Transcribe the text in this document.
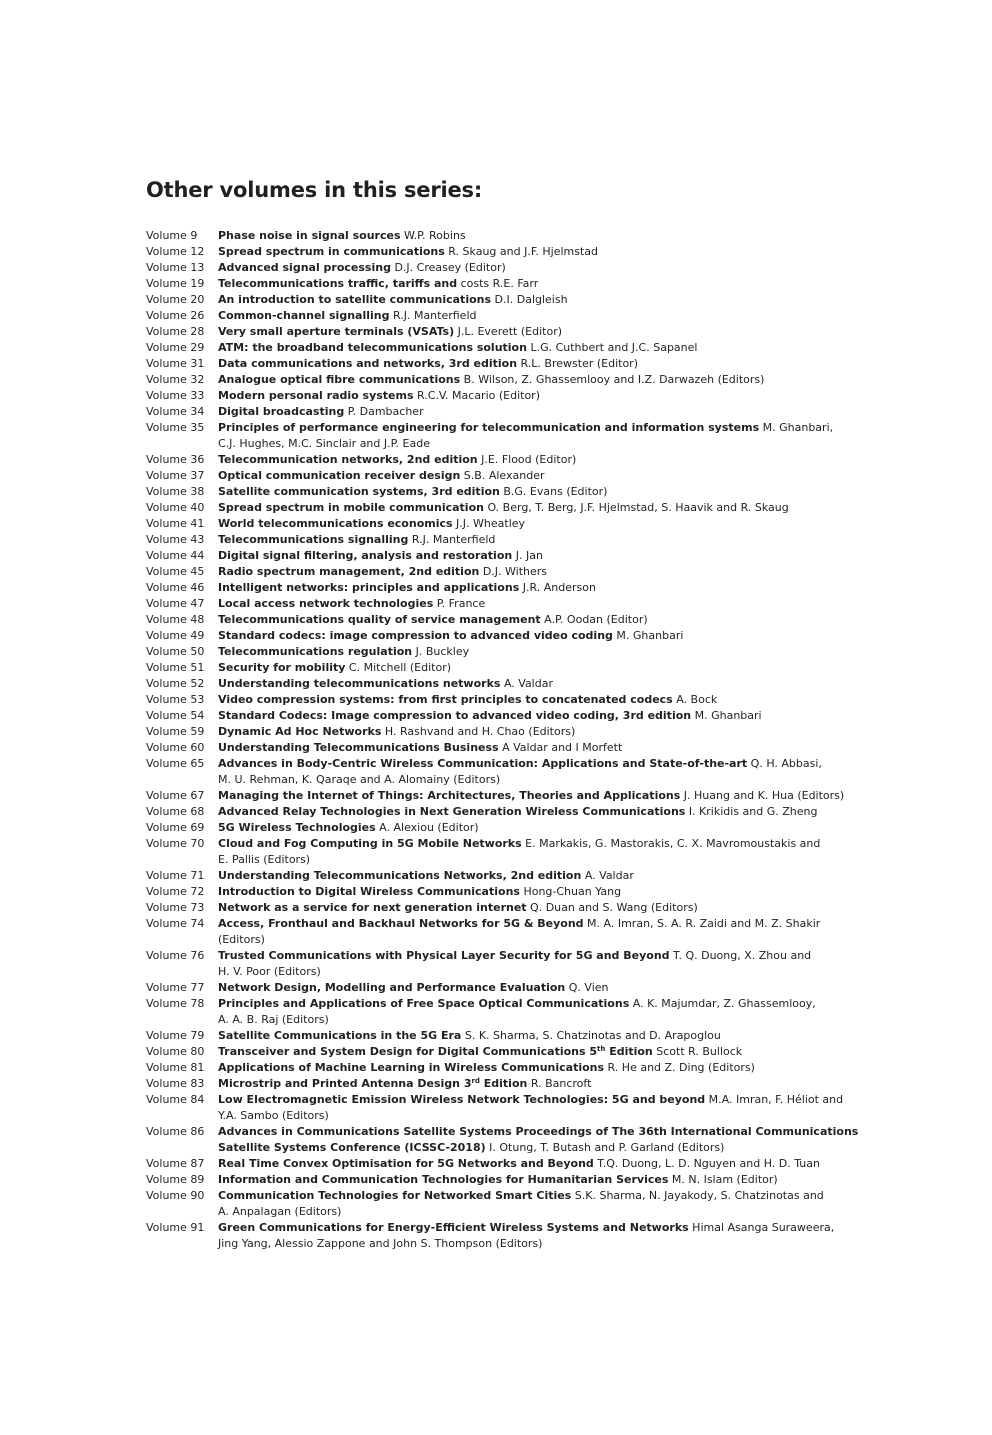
Other volumes in this series:
Volume 9	Phase noise in signal sources W.P. Robins
Volume 12	Spread spectrum in communications R. Skaug and J.F. Hjelmstad
Volume 13	Advanced signal processing D.J. Creasey (Editor)
Volume 19	Telecommunications traffic, tariffs and costs R.E. Farr
Volume 20	An introduction to satellite communications D.I. Dalgleish
Volume 26	Common-channel signalling R.J. Manterfield
Volume 28	Very small aperture terminals (VSATs) J.L. Everett (Editor)
Volume 29	ATM: the broadband telecommunications solution L.G. Cuthbert and J.C. Sapanel
Volume 31	Data communications and networks, 3rd edition R.L. Brewster (Editor)
Volume 32	Analogue optical fibre communications B. Wilson, Z. Ghassemlooy and I.Z. Darwazeh (Editors)
Volume 33	Modern personal radio systems R.C.V. Macario (Editor)
Volume 34	Digital broadcasting P. Dambacher
Volume 35	Principles of performance engineering for telecommunication and information systems M. Ghanbari,
C.J. Hughes, M.C. Sinclair and J.P. Eade
Volume 36	Telecommunication networks, 2nd edition J.E. Flood (Editor)
Volume 37	Optical communication receiver design S.B. Alexander
Volume 38	Satellite communication systems, 3rd edition B.G. Evans (Editor)
Volume 40	Spread spectrum in mobile communication O. Berg, T. Berg, J.F. Hjelmstad, S. Haavik and R. Skaug
Volume 41	World telecommunications economics J.J. Wheatley
Volume 43	Telecommunications signalling R.J. Manterfield
Volume 44	Digital signal filtering, analysis and restoration J. Jan
Volume 45	Radio spectrum management, 2nd edition D.J. Withers
Volume 46	Intelligent networks: principles and applications J.R. Anderson
Volume 47	Local access network technologies P. France
Volume 48	Telecommunications quality of service management A.P. Oodan (Editor)
Volume 49	Standard codecs: image compression to advanced video coding M. Ghanbari
Volume 50	Telecommunications regulation J. Buckley
Volume 51	Security for mobility C. Mitchell (Editor)
Volume 52	Understanding telecommunications networks A. Valdar
Volume 53	Video compression systems: from first principles to concatenated codecs A. Bock
Volume 54	Standard Codecs: Image compression to advanced video coding, 3rd edition M. Ghanbari
Volume 59	Dynamic Ad Hoc Networks H. Rashvand and H. Chao (Editors)
Volume 60	Understanding Telecommunications Business A Valdar and I Morfett
Volume 65	Advances in Body-Centric Wireless Communication: Applications and State-of-the-art Q. H. Abbasi,
M. U. Rehman, K. Qaraqe and A. Alomainy (Editors)
Volume 67	Managing the Internet of Things: Architectures, Theories and Applications J. Huang and K. Hua (Editors)
Volume 68	Advanced Relay Technologies in Next Generation Wireless Communications I. Krikidis and G. Zheng
Volume 69	5G Wireless Technologies A. Alexiou (Editor)
Volume 70	Cloud and Fog Computing in 5G Mobile Networks E. Markakis, G. Mastorakis, C. X. Mavromoustakis and
E. Pallis (Editors)
Volume 71	Understanding Telecommunications Networks, 2nd edition A. Valdar
Volume 72	Introduction to Digital Wireless Communications Hong-Chuan Yang
Volume 73	Network as a service for next generation internet Q. Duan and S. Wang (Editors)
Volume 74	Access, Fronthaul and Backhaul Networks for 5G & Beyond M. A. Imran, S. A. R. Zaidi and M. Z. Shakir
(Editors)
Volume 76	Trusted Communications with Physical Layer Security for 5G and Beyond T. Q. Duong, X. Zhou and
H. V. Poor (Editors)
Volume 77	Network Design, Modelling and Performance Evaluation Q. Vien
Volume 78	Principles and Applications of Free Space Optical Communications A. K. Majumdar, Z. Ghassemlooy,
A. A. B. Raj (Editors)
Volume 79	Satellite Communications in the 5G Era S. K. Sharma, S. Chatzinotas and D. Arapoglou
Volume 80	Transceiver and System Design for Digital Communications 5th Edition Scott R. Bullock
Volume 81	Applications of Machine Learning in Wireless Communications R. He and Z. Ding (Editors)
Volume 83	Microstrip and Printed Antenna Design 3rd Edition R. Bancroft
Volume 84	Low Electromagnetic Emission Wireless Network Technologies: 5G and beyond M.A. Imran, F. Héliot and
Y.A. Sambo (Editors)
Volume 86	Advances in Communications Satellite Systems Proceedings of The 36th International Communications
Satellite Systems Conference (ICSSC-2018) I. Otung, T. Butash and P. Garland (Editors)
Volume 87	Real Time Convex Optimisation for 5G Networks and Beyond T.Q. Duong, L. D. Nguyen and H. D. Tuan
Volume 89	Information and Communication Technologies for Humanitarian Services M. N. Islam (Editor)
Volume 90	Communication Technologies for Networked Smart Cities S.K. Sharma, N. Jayakody, S. Chatzinotas and
A. Anpalagan (Editors)
Volume 91	Green Communications for Energy-Efficient Wireless Systems and Networks Himal Asanga Suraweera,
Jing Yang, Alessio Zappone and John S. Thompson (Editors)
